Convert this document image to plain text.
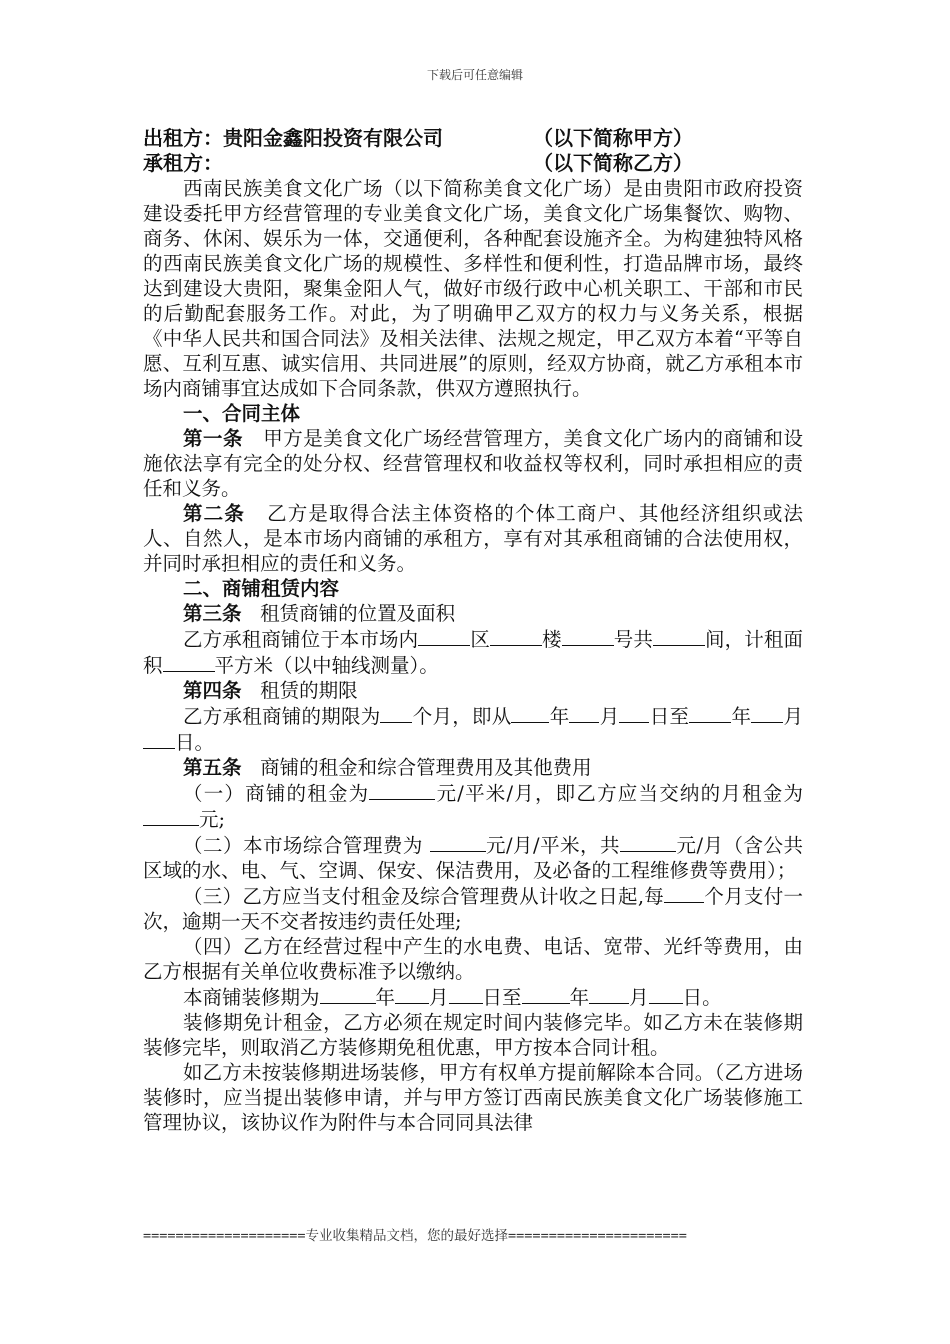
下载后可任意编辑
出租方：贵阳金鑫阳投资有限公司	（以下简称甲方）
承租方：	（以下简称乙方）

西南民族美食文化广场（以下简称美食文化广场）是由贵阳市政府投资建设委托甲方经营管理的专业美食文化广场，美食文化广场集餐饮、购物、商务、休闲、娱乐为一体，交通便利，各种配套设施齐全。为构建独特风格的西南民族美食文化广场的规模性、多样性和便利性，打造品牌市场，最终达到建设大贵阳，聚集金阳人气，做好市级行政中心机关职工、干部和市民的后勤配套服务工作。对此，为了明确甲乙双方的权力与义务关系，根据《中华人民共和国合同法》及相关法律、法规之规定，甲乙双方本着“平等自愿、互利互惠、诚实信用、共同进展”的原则，经双方协商，就乙方承租本市场内商铺事宜达成如下合同条款，供双方遵照执行。

一、合同主体

第一条 甲方是美食文化广场经营管理方，美食文化广场内的商铺和设施依法享有完全的处分权、经营管理权和收益权等权利，同时承担相应的责任和义务。

第二条 乙方是取得合法主体资格的个体工商户、其他经济组织或法人、自然人，是本市场内商铺的承租方，享有对其承租商铺的合法使用权，并同时承担相应的责任和义务。

二、商铺租赁内容

第三条 租赁商铺的位置及面积

乙方承租商铺位于本市场内	区	楼	号共	间，计租面积	平方米（以中轴线测量）。

第四条 租赁的期限

乙方承租商铺的期限为 个月，即从 年 月 日至 年 月日。

第五条 商铺的租金和综合管理费用及其他费用

（一）商铺的租金为	元/平米/月，即乙方应当交纳的月租金为元;

（二）本市场综合管理费为	元/月/平米，共	元/月（含公共区域的水、电、气、空调、保安、保洁费用，及必备的工程维修费等费用）；

（三）乙方应当支付租金及综合管理费从计收之日起,每 个月支付一次，逾期一天不交者按违约责任处理;

（四）乙方在经营过程中产生的水电费、电话、宽带、光纤等费用，由乙方根据有关单位收费标准予以缴纳。

本商铺装修期为	年 月 日至 年 月 日。

装修期免计租金，乙方必须在规定时间内装修完毕。如乙方未在装修期装修完毕，则取消乙方装修期免租优惠，甲方按本合同计租。

如乙方未按装修期进场装修，甲方有权单方提前解除本合同。（乙方进场装修时，应当提出装修申请，并与甲方签订西南民族美食文化广场装修施工管理协议，该协议作为附件与本合同同具法律

====================专业收集精品文档，您的最好选择======================
